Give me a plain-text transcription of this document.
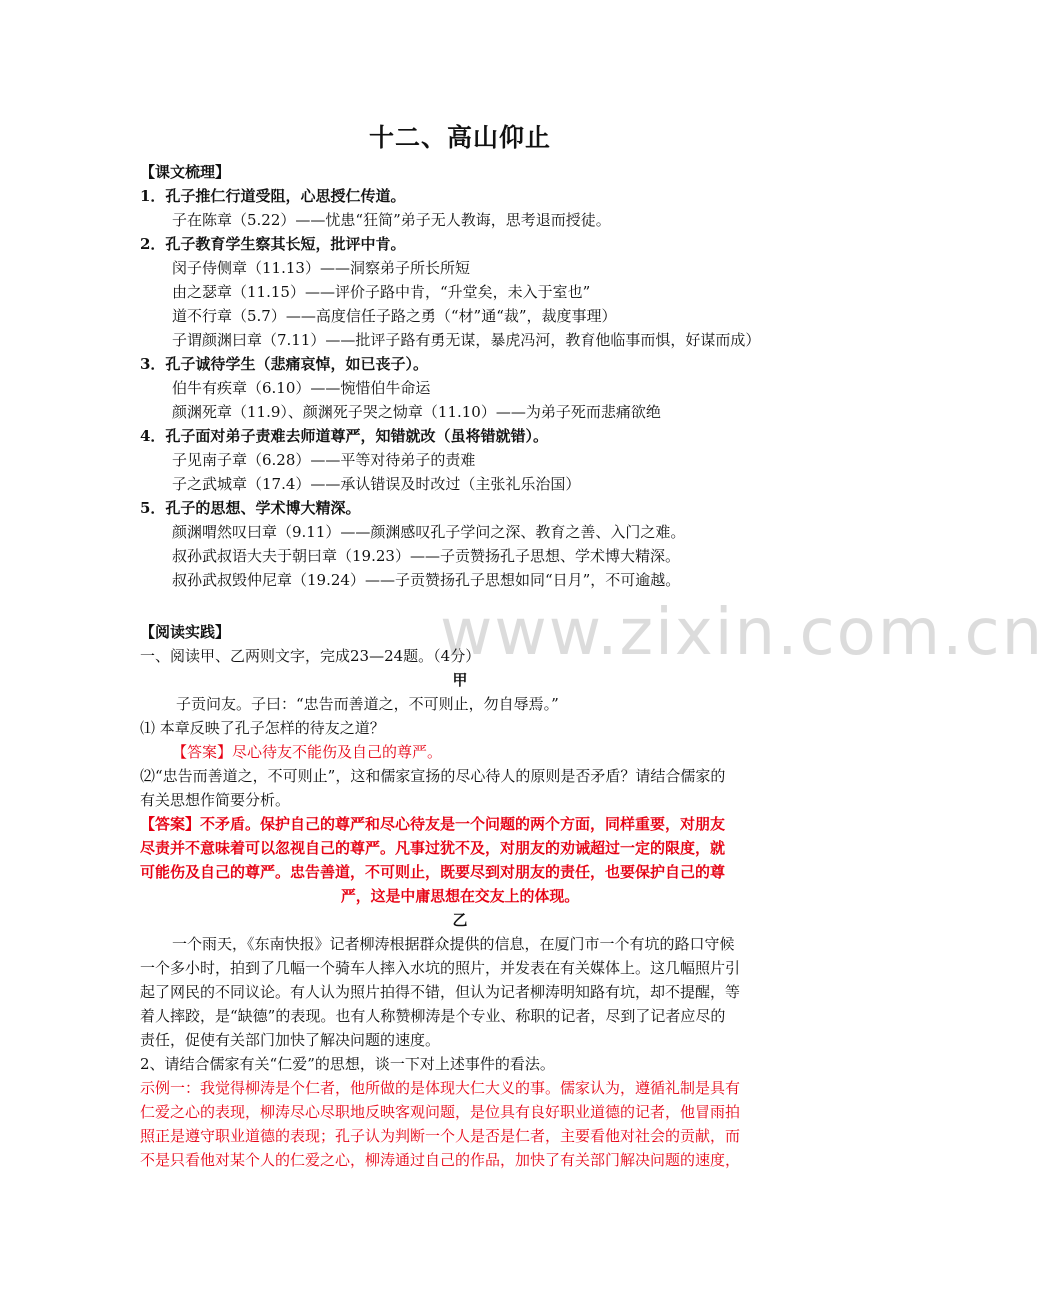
www.zixin.com.cn
十二、高山仰止
【课文梳理】
1．孔子推仁行道受阻，心思授仁传道。
子在陈章（5.22）——忧患“狂简”弟子无人教诲，思考退而授徒。
2．孔子教育学生察其长短，批评中肯。
闵子侍侧章（11.13）——洞察弟子所长所短
由之瑟章（11.15）——评价子路中肯，“升堂矣，未入于室也”
道不行章（5.7）——高度信任子路之勇（“材”通“裁”，裁度事理）
子谓颜渊曰章（7.11）——批评子路有勇无谋，暴虎冯河，教育他临事而惧，好谋而成）
3．孔子诚待学生（悲痛哀悼，如已丧子）。
伯牛有疾章（6.10）——惋惜伯牛命运
颜渊死章（11.9）、颜渊死子哭之恸章（11.10）——为弟子死而悲痛欲绝
4．孔子面对弟子责难去师道尊严，知错就改（虽将错就错）。
子见南子章（6.28）——平等对待弟子的责难
子之武城章（17.4）——承认错误及时改过（主张礼乐治国）
5．孔子的思想、学术博大精深。
颜渊喟然叹曰章（9.11）——颜渊感叹孔子学问之深、教育之善、入门之难。
叔孙武叔语大夫于朝曰章（19.23）——子贡赞扬孔子思想、学术博大精深。
叔孙武叔毁仲尼章（19.24）——子贡赞扬孔子思想如同“日月”，不可逾越。
【阅读实践】
一、阅读甲、乙两则文字，完成23—24题。（4分）
甲
子贡问友。子曰：“忠告而善道之，不可则止，勿自辱焉。”
⑴ 本章反映了孔子怎样的待友之道？
【答案】尽心待友不能伤及自己的尊严。
⑵“忠告而善道之，不可则止”，这和儒家宣扬的尽心待人的原则是否矛盾？请结合儒家的
有关思想作简要分析。
【答案】不矛盾。保护自己的尊严和尽心待友是一个问题的两个方面，同样重要，对朋友
尽责并不意味着可以忽视自己的尊严。凡事过犹不及，对朋友的劝诫超过一定的限度，就
可能伤及自己的尊严。忠告善道，不可则止，既要尽到对朋友的责任，也要保护自己的尊
严，这是中庸思想在交友上的体现。
乙
一个雨天，《东南快报》记者柳涛根据群众提供的信息，在厦门市一个有坑的路口守候
一个多小时，拍到了几幅一个骑车人摔入水坑的照片，并发表在有关媒体上。这几幅照片引
起了网民的不同议论。有人认为照片拍得不错，但认为记者柳涛明知路有坑，却不提醒，等
着人摔跤，是“缺德”的表现。也有人称赞柳涛是个专业、称职的记者，尽到了记者应尽的
责任，促使有关部门加快了解决问题的速度。
2、请结合儒家有关“仁爱”的思想，谈一下对上述事件的看法。
示例一：我觉得柳涛是个仁者，他所做的是体现大仁大义的事。儒家认为，遵循礼制是具有
仁爱之心的表现，柳涛尽心尽职地反映客观问题，是位具有良好职业道德的记者，他冒雨拍
照正是遵守职业道德的表现；孔子认为判断一个人是否是仁者，主要看他对社会的贡献，而
不是只看他对某个人的仁爱之心，柳涛通过自己的作品，加快了有关部门解决问题的速度，
